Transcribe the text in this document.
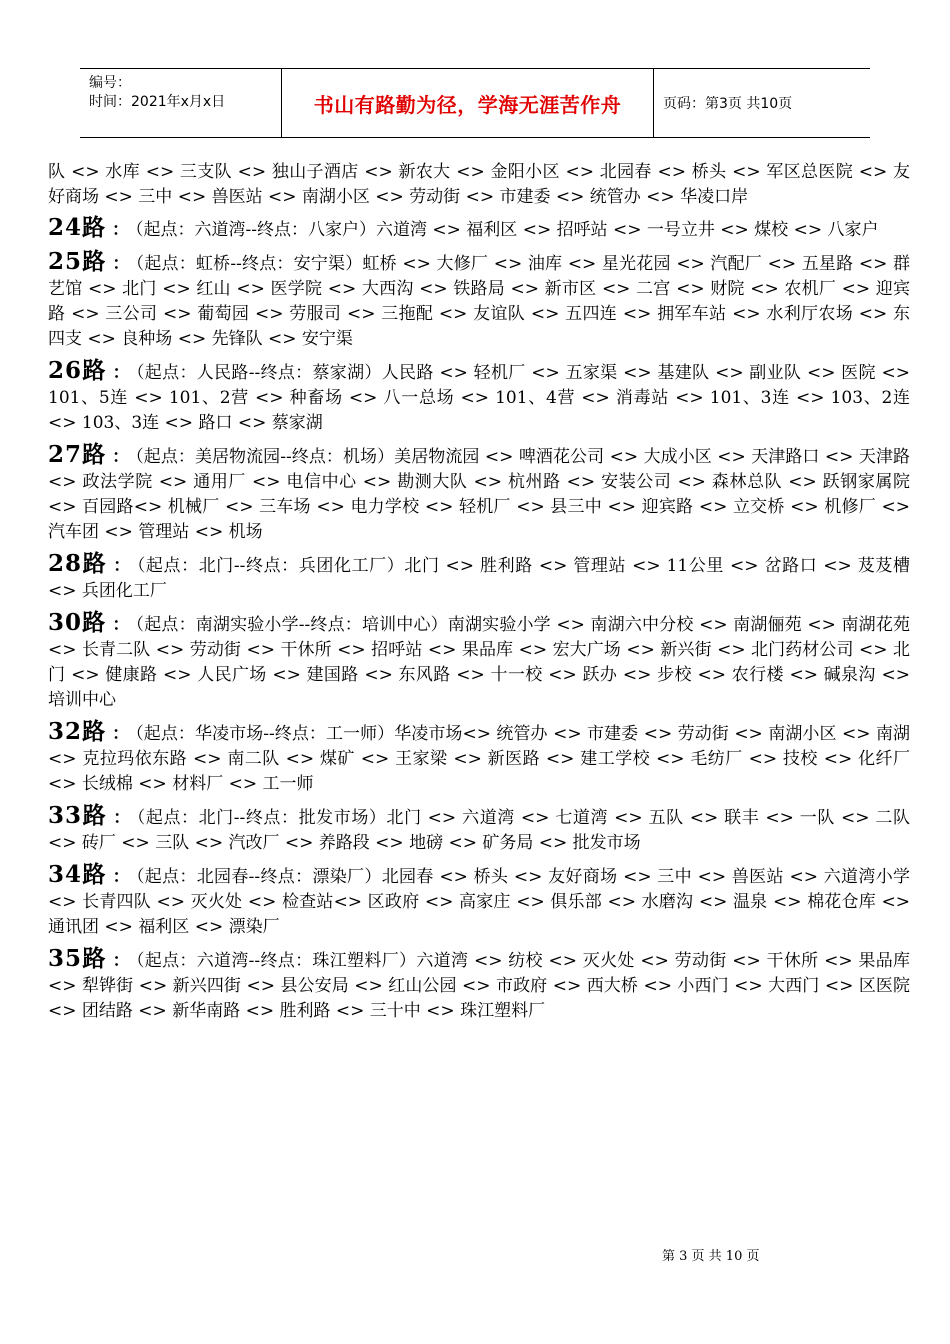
编号：
时间：2021年x月x日	书山有路勤为径，学海无涯苦作舟	页码：第3页 共10页

队 <> 水库 <> 三支队 <> 独山子酒店 <> 新农大 <> 金阳小区 <> 北园春 <> 桥头 <> 军区总医院 <> 友好商场 <> 三中 <> 兽医站 <> 南湖小区 <> 劳动街 <> 市建委 <> 统管办 <> 华凌口岸

24路 ： （起点：六道湾--终点：八家户）六道湾 <> 福利区 <> 招呼站 <> 一号立井 <> 煤校 <> 八家户

25路 ： （起点：虹桥--终点：安宁渠）虹桥 <> 大修厂 <> 油库 <> 星光花园 <> 汽配厂 <> 五星路 <> 群艺馆 <> 北门 <> 红山 <> 医学院 <> 大西沟 <> 铁路局 <> 新市区 <> 二宫 <> 财院 <> 农机厂 <> 迎宾路 <> 三公司 <> 葡萄园 <> 劳服司 <> 三拖配 <> 友谊队 <> 五四连 <> 拥军车站 <> 水利厅农场 <> 东四支 <> 良种场 <> 先锋队 <> 安宁渠

26路 ： （起点：人民路--终点：蔡家湖）人民路 <> 轻机厂 <> 五家渠 <> 基建队 <> 副业队 <> 医院 <> 101、5连 <> 101、2营 <> 种畜场 <> 八一总场 <> 101、4营 <> 消毒站 <> 101、3连 <> 103、2连 <> 103、3连 <> 路口 <> 蔡家湖

27路 ： （起点：美居物流园--终点：机场）美居物流园 <> 啤酒花公司 <> 大成小区 <> 天津路口 <> 天津路 <> 政法学院 <> 通用厂 <> 电信中心 <> 勘测大队 <> 杭州路 <> 安装公司 <> 森林总队 <> 跃钢家属院 <> 百园路<> 机械厂 <> 三车场 <> 电力学校 <> 轻机厂 <> 县三中 <> 迎宾路 <> 立交桥 <> 机修厂 <> 汽车团 <> 管理站 <> 机场

28路 ： （起点：北门--终点：兵团化工厂）北门 <> 胜利路 <> 管理站 <> 11公里 <> 岔路口 <> 芨芨槽 <> 兵团化工厂

30路 ： （起点：南湖实验小学--终点：培训中心）南湖实验小学 <> 南湖六中分校 <> 南湖俪苑 <> 南湖花苑 <> 长青二队 <> 劳动街 <> 干休所 <> 招呼站 <> 果品库 <> 宏大广场 <> 新兴街 <> 北门药材公司 <> 北门 <> 健康路 <> 人民广场 <> 建国路 <> 东风路 <> 十一校 <> 跃办 <> 步校 <> 农行楼 <> 碱泉沟 <> 培训中心

32路 ： （起点：华凌市场--终点：工一师）华凌市场<> 统管办 <> 市建委 <> 劳动街 <> 南湖小区 <> 南湖 <> 克拉玛依东路 <> 南二队 <> 煤矿 <> 王家梁 <> 新医路 <> 建工学校 <> 毛纺厂 <> 技校 <> 化纤厂 <> 长绒棉 <> 材料厂 <> 工一师

33路 ： （起点：北门--终点：批发市场）北门 <> 六道湾 <> 七道湾 <> 五队 <> 联丰 <> 一队 <> 二队 <> 砖厂 <> 三队 <> 汽改厂 <> 养路段 <> 地磅 <> 矿务局 <> 批发市场

34路 ： （起点：北园春--终点：漂染厂）北园春 <> 桥头 <> 友好商场 <> 三中 <> 兽医站 <> 六道湾小学 <> 长青四队 <> 灭火处 <> 检查站<> 区政府 <> 高家庄 <> 俱乐部 <> 水磨沟 <> 温泉 <> 棉花仓库 <> 通讯团 <> 福利区 <> 漂染厂

35路 ： （起点：六道湾--终点：珠江塑料厂）六道湾 <> 纺校 <> 灭火处 <> 劳动街 <> 干休所 <> 果品库 <> 犁铧街 <> 新兴四街 <> 县公安局 <> 红山公园 <> 市政府 <> 西大桥 <> 小西门 <> 大西门 <> 区医院 <> 团结路 <> 新华南路 <> 胜利路 <> 三十中 <> 珠江塑料厂

第 3 页 共 10 页
